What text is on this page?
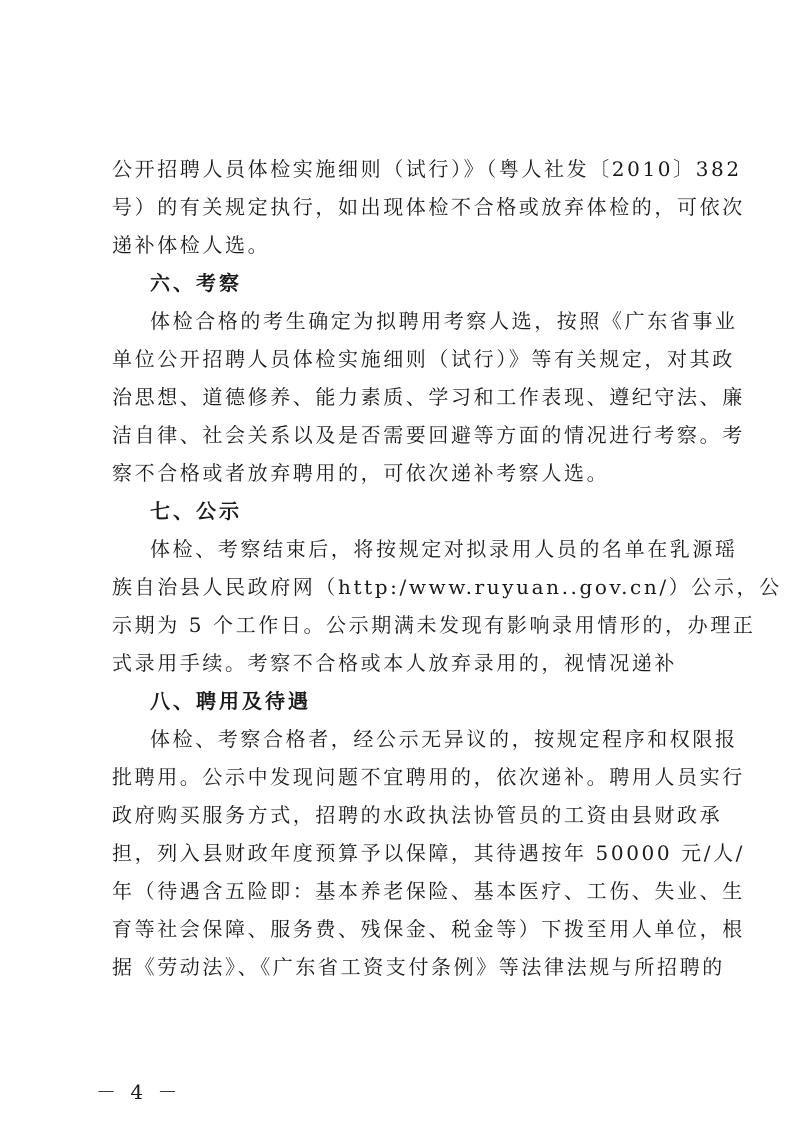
公开招聘人员体检实施细则（试行）》（粤人社发〔2010〕382
号）的有关规定执行，如出现体检不合格或放弃体检的，可依次
递补体检人选。
六、考察
体检合格的考生确定为拟聘用考察人选，按照《广东省事业
单位公开招聘人员体检实施细则（试行）》等有关规定，对其政
治思想、道德修养、能力素质、学习和工作表现、遵纪守法、廉
洁自律、社会关系以及是否需要回避等方面的情况进行考察。考
察不合格或者放弃聘用的，可依次递补考察人选。
七、公示
体检、考察结束后，将按规定对拟录用人员的名单在乳源瑶
族自治县人民政府网（http:/www.ruyuan..gov.cn/）公示，公
示期为 5 个工作日。公示期满未发现有影响录用情形的，办理正
式录用手续。考察不合格或本人放弃录用的，视情况递补
八、聘用及待遇
体检、考察合格者，经公示无异议的，按规定程序和权限报
批聘用。公示中发现问题不宜聘用的，依次递补。聘用人员实行
政府购买服务方式，招聘的水政执法协管员的工资由县财政承
担，列入县财政年度预算予以保障，其待遇按年 50000 元/人/
年（待遇含五险即：基本养老保险、基本医疗、工伤、失业、生
育等社会保障、服务费、残保金、税金等）下拨至用人单位，根
据《劳动法》、《广东省工资支付条例》等法律法规与所招聘的
－ 4 －
